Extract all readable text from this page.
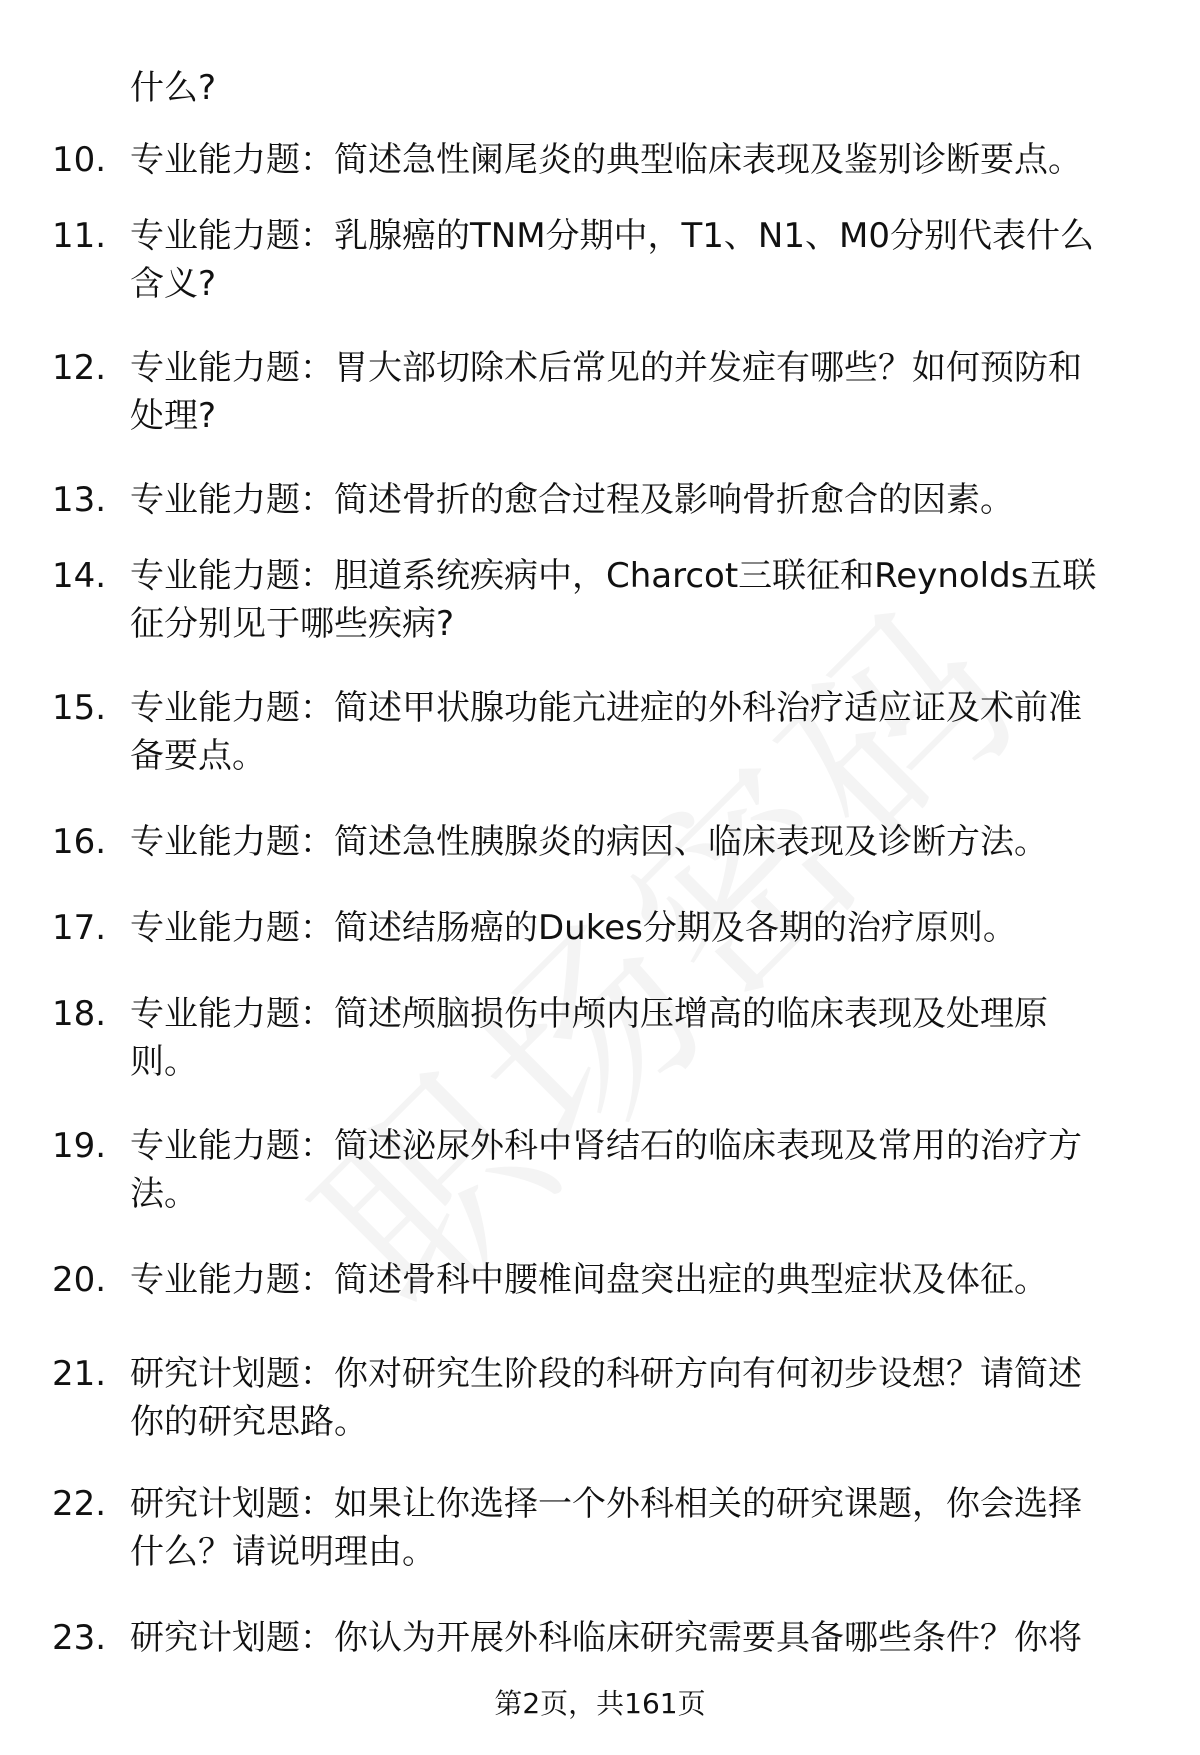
什么?
10. 专业能力题：简述急性阑尾炎的典型临床表现及鉴别诊断要点。
11. 专业能力题：乳腺癌的TNM分期中，T1、N1、M0分别代表什么
含义?
12. 专业能力题：胃大部切除术后常见的并发症有哪些？如何预防和
处理?
13. 专业能力题：简述骨折的愈合过程及影响骨折愈合的因素。
14. 专业能力题：胆道系统疾病中，Charcot三联征和Reynolds五联
征分别见于哪些疾病?
15. 专业能力题：简述甲状腺功能亢进症的外科治疗适应证及术前准
备要点。
16. 专业能力题：简述急性胰腺炎的病因、临床表现及诊断方法。
17. 专业能力题：简述结肠癌的Dukes分期及各期的治疗原则。
18. 专业能力题：简述颅脑损伤中颅内压增高的临床表现及处理原
则。
19. 专业能力题：简述泌尿外科中肾结石的临床表现及常用的治疗方
法。
20. 专业能力题：简述骨科中腰椎间盘突出症的典型症状及体征。
21. 研究计划题：你对研究生阶段的科研方向有何初步设想？请简述
你的研究思路。
22. 研究计划题：如果让你选择一个外科相关的研究课题，你会选择
什么？请说明理由。
23. 研究计划题：你认为开展外科临床研究需要具备哪些条件？你将
第2页，共161页
